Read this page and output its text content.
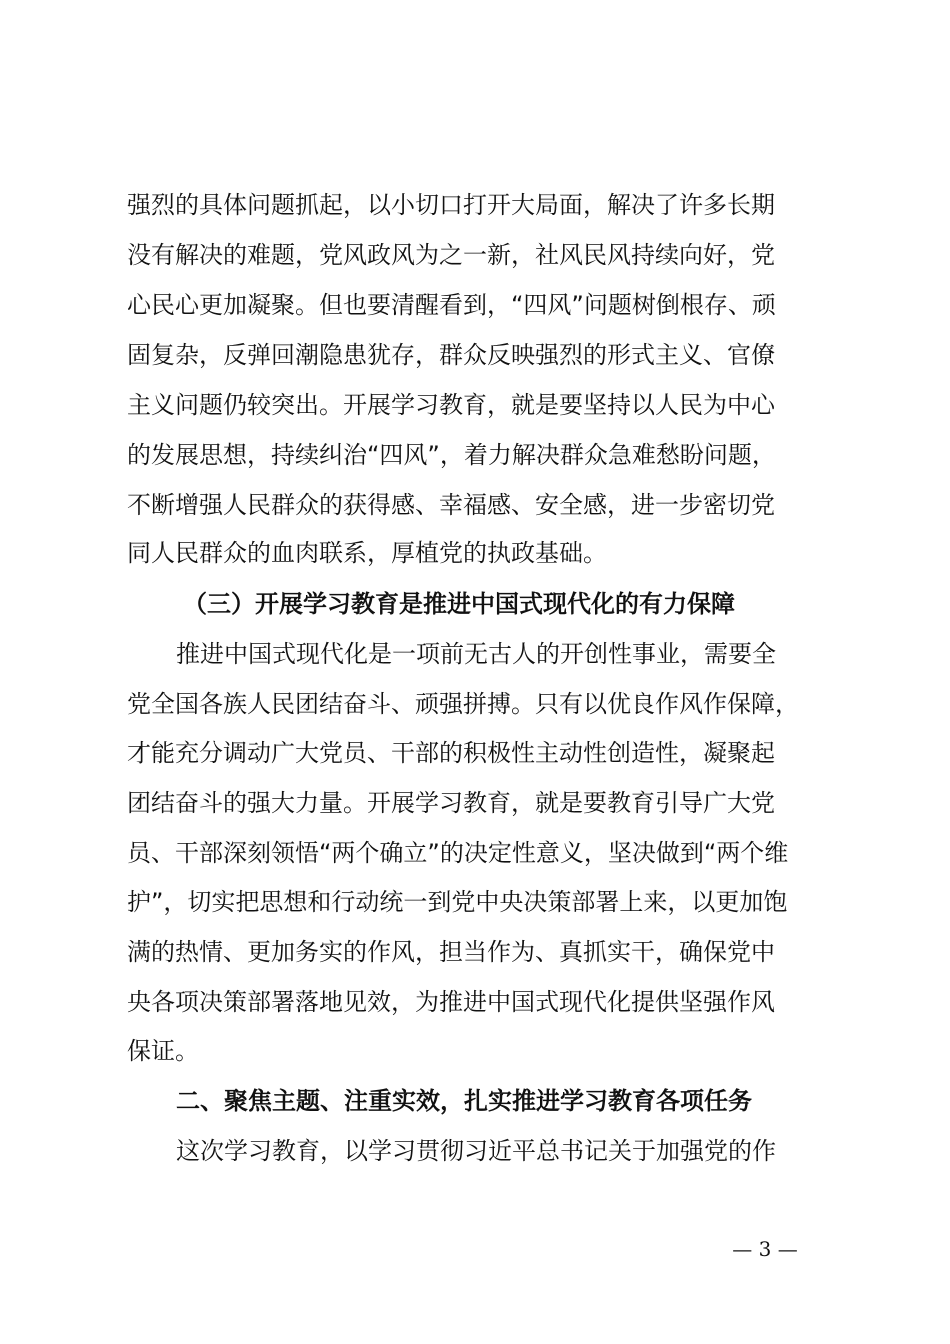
强烈的具体问题抓起，以小切口打开大局面，解决了许多长期
没有解决的难题，党风政风为之一新，社风民风持续向好，党
心民心更加凝聚。但也要清醒看到，“四风”问题树倒根存、顽
固复杂，反弹回潮隐患犹存，群众反映强烈的形式主义、官僚
主义问题仍较突出。开展学习教育，就是要坚持以人民为中心
的发展思想，持续纠治“四风”，着力解决群众急难愁盼问题，
不断增强人民群众的获得感、幸福感、安全感，进一步密切党
同人民群众的血肉联系，厚植党的执政基础。
（三）开展学习教育是推进中国式现代化的有力保障
推进中国式现代化是一项前无古人的开创性事业，需要全
党全国各族人民团结奋斗、顽强拼搏。只有以优良作风作保障，
才能充分调动广大党员、干部的积极性主动性创造性，凝聚起
团结奋斗的强大力量。开展学习教育，就是要教育引导广大党
员、干部深刻领悟“两个确立”的决定性意义，坚决做到“两个维
护”，切实把思想和行动统一到党中央决策部署上来，以更加饱
满的热情、更加务实的作风，担当作为、真抓实干，确保党中
央各项决策部署落地见效，为推进中国式现代化提供坚强作风
保证。
二、聚焦主题、注重实效，扎实推进学习教育各项任务
这次学习教育，以学习贯彻习近平总书记关于加强党的作
— 3 —
